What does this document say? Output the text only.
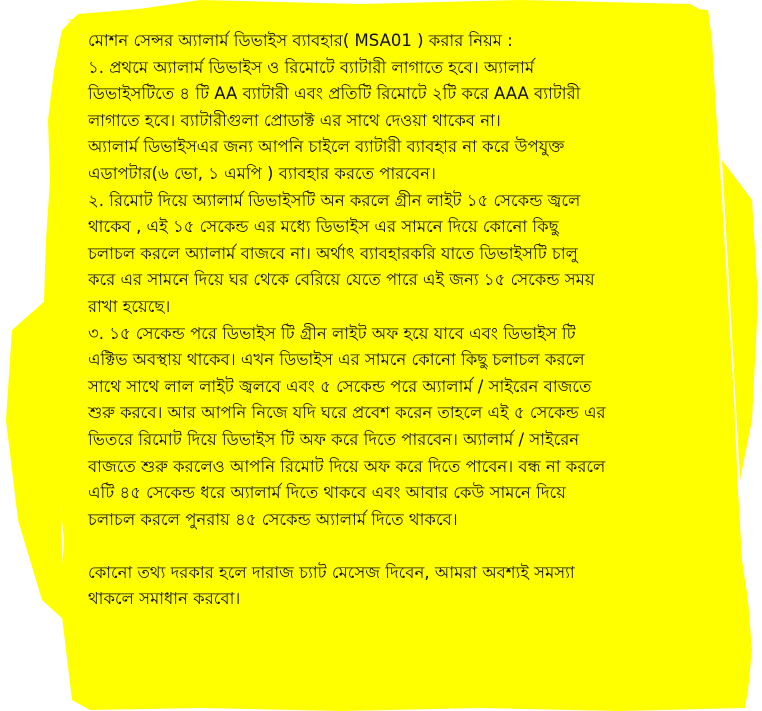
মোশন সেন্সর অ্যালার্ম ডিভাইস ব্যাবহার( MSA01 ) করার নিয়ম :
১. প্রথমে অ্যালার্ম ডিভাইস ও রিমোটে ব্যাটারী লাগাতে হবে। অ্যালার্ম
ডিভাইসটিতে ৪ টি AA ব্যাটারী এবং প্রতিটি রিমোটে ২টি করে AAA ব্যাটারী
লাগাতে হবে। ব্যাটারীগুলা প্রোডাক্ট এর সাথে দেওয়া থাকেব না।
অ্যালার্ম ডিভাইসএর জন্য আপনি চাইলে ব্যাটারী ব্যাবহার না করে উপযুক্ত
এডাপটার(৬ ভো, ১ এমপি ) ব্যাবহার করতে পারবেন।
২. রিমোট দিয়ে অ্যালার্ম ডিভাইসটি অন করলে গ্রীন লাইট ১৫ সেকেন্ড জ্বলে
থাকেব , এই ১৫ সেকেন্ড এর মধ্যে ডিভাইস এর সামনে দিয়ে কোনো কিছু
চলাচল করলে অ্যালার্ম বাজবে না। অর্থাৎ ব্যাবহারকরি যাতে ডিভাইসটি চালু
করে এর সামনে দিয়ে ঘর থেকে বেরিয়ে যেতে পারে এই জন্য ১৫ সেকেন্ড সময়
রাখা হয়েছে।
৩. ১৫ সেকেন্ড পরে ডিভাইস টি গ্রীন লাইট অফ হয়ে যাবে এবং ডিভাইস টি
এক্টিভ অবস্থায় থাকেব। এখন ডিভাইস এর সামনে কোনো কিছু চলাচল করলে
সাথে সাথে লাল লাইট জ্বলবে এবং ৫ সেকেন্ড পরে অ্যালার্ম / সাইরেন বাজতে
শুরু করবে। আর আপনি নিজে যদি ঘরে প্রবেশ করেন তাহলে এই ৫ সেকেন্ড এর
ভিতরে রিমোট দিয়ে ডিভাইস টি অফ করে দিতে পারবেন। অ্যালার্ম / সাইরেন
বাজতে শুরু করলেও আপনি রিমোট দিয়ে অফ করে দিতে পাবেন। বন্ধ না করলে
এটি ৪৫ সেকেন্ড ধরে অ্যালার্ম দিতে থাকবে এবং আবার কেউ সামনে দিয়ে
চলাচল করলে পুনরায় ৪৫ সেকেন্ড অ্যালার্ম দিতে থাকবে।
কোনো তথ্য দরকার হলে দারাজ চ্যাট মেসেজ দিবেন, আমরা অবশ্যই সমস্যা
থাকলে সমাধান করবো।
